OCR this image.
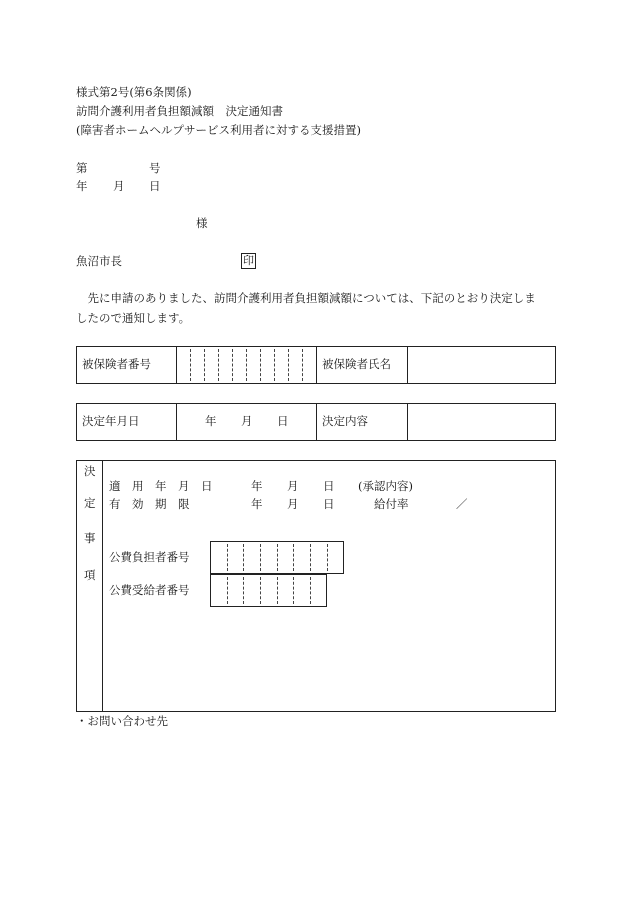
様式第2号(第6条関係)
訪問介護利用者負担額減額　決定通知書
(障害者ホームヘルプサービス利用者に対する支援措置)
第	号
年 月 日
様
魚沼市長	印
　先に申請のありました、訪問介護利用者負担額減額については、下記のとおり決定しま
したので通知します。
被保険者番号	被保険者氏名
決定年月日	年 月 日	決定内容
決
定
事
項
適　用　年　月　日	年 月 日 (承認内容)
有　効　期　限	年 月 日	給付率	／
公費負担者番号
公費受給者番号
・お問い合わせ先
